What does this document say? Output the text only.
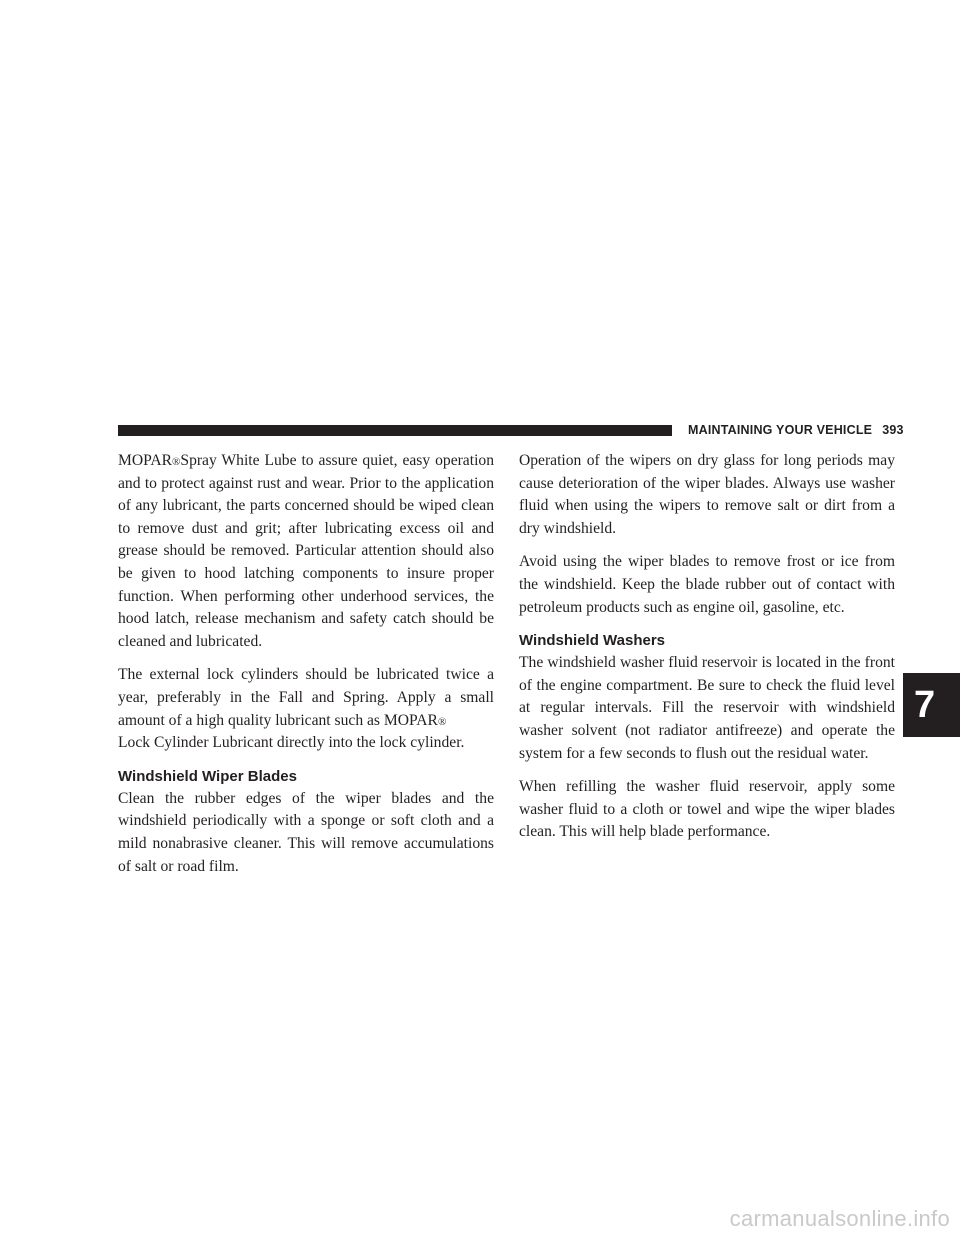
MAINTAINING YOUR VEHICLE 393

MOPAR®Spray White Lube to assure quiet, easy operation and to protect against rust and wear. Prior to the application of any lubricant, the parts concerned should be wiped clean to remove dust and grit; after lubricating excess oil and grease should be removed. Particular attention should also be given to hood latching components to insure proper function. When performing other underhood services, the hood latch, release mechanism and safety catch should be cleaned and lubricated.

The external lock cylinders should be lubricated twice a year, preferably in the Fall and Spring. Apply a small amount of a high quality lubricant such as MOPAR®
Lock Cylinder Lubricant directly into the lock cylinder.

Windshield Wiper Blades

Clean the rubber edges of the wiper blades and the windshield periodically with a sponge or soft cloth and a mild nonabrasive cleaner. This will remove accumulations of salt or road film.

Operation of the wipers on dry glass for long periods may cause deterioration of the wiper blades. Always use washer fluid when using the wipers to remove salt or dirt from a dry windshield.

Avoid using the wiper blades to remove frost or ice from the windshield. Keep the blade rubber out of contact with petroleum products such as engine oil, gasoline, etc.

Windshield Washers

The windshield washer fluid reservoir is located in the front of the engine compartment. Be sure to check the fluid level at regular intervals. Fill the reservoir with windshield washer solvent (not radiator antifreeze) and operate the system for a few seconds to flush out the residual water.

When refilling the washer fluid reservoir, apply some washer fluid to a cloth or towel and wipe the wiper blades clean. This will help blade performance.

7
carmanualsonline.info
